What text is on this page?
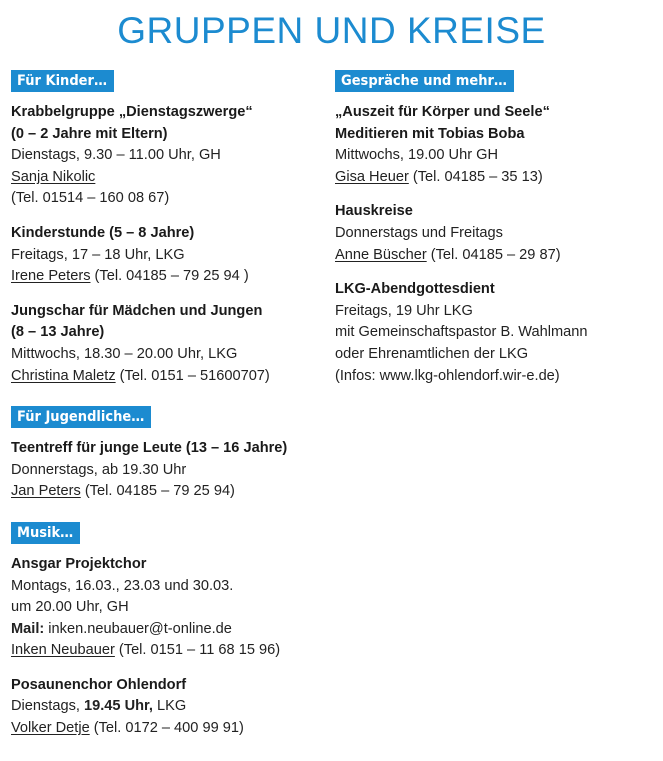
GRUPPEN UND KREISE
Für Kinder…
Krabbelgruppe „Dienstagszwerge“
(0 – 2 Jahre mit Eltern)
Dienstags, 9.30 – 11.00 Uhr, GH
Sanja Nikolic
(Tel. 01514 – 160 08 67)
Kinderstunde (5 – 8 Jahre)
Freitags, 17 – 18 Uhr, LKG
Irene Peters (Tel. 04185 – 79 25 94 )
Jungschar für Mädchen und Jungen
(8 – 13 Jahre)
Mittwochs, 18.30 – 20.00 Uhr, LKG
Christina Maletz (Tel. 0151 – 51600707)
Für Jugendliche…
Teentreff für junge Leute (13 – 16 Jahre)
Donnerstags, ab 19.30 Uhr
Jan Peters (Tel. 04185 – 79 25 94)
Musik…
Ansgar Projektchor
Montags, 16.03., 23.03 und 30.03.
um 20.00 Uhr, GH
Mail: inken.neubauer@t-online.de
Inken Neubauer (Tel. 0151 – 11 68 15 96)
Posaunenchor Ohlendorf
Dienstags, 19.45 Uhr, LKG
Volker Detje (Tel. 0172 – 400 99 91)
Gespräche und mehr…
„Auszeit für Körper und Seele“
Meditieren mit Tobias Boba
Mittwochs, 19.00 Uhr GH
Gisa Heuer (Tel. 04185 – 35 13)
Hauskreise
Donnerstags und Freitags
Anne Büscher (Tel. 04185 – 29 87)
LKG-Abendgottesdient
Freitags, 19 Uhr LKG
mit Gemeinschaftspastor B. Wahlmann
oder Ehrenamtlichen der LKG
(Infos: www.lkg-ohlendorf.wir-e.de)
